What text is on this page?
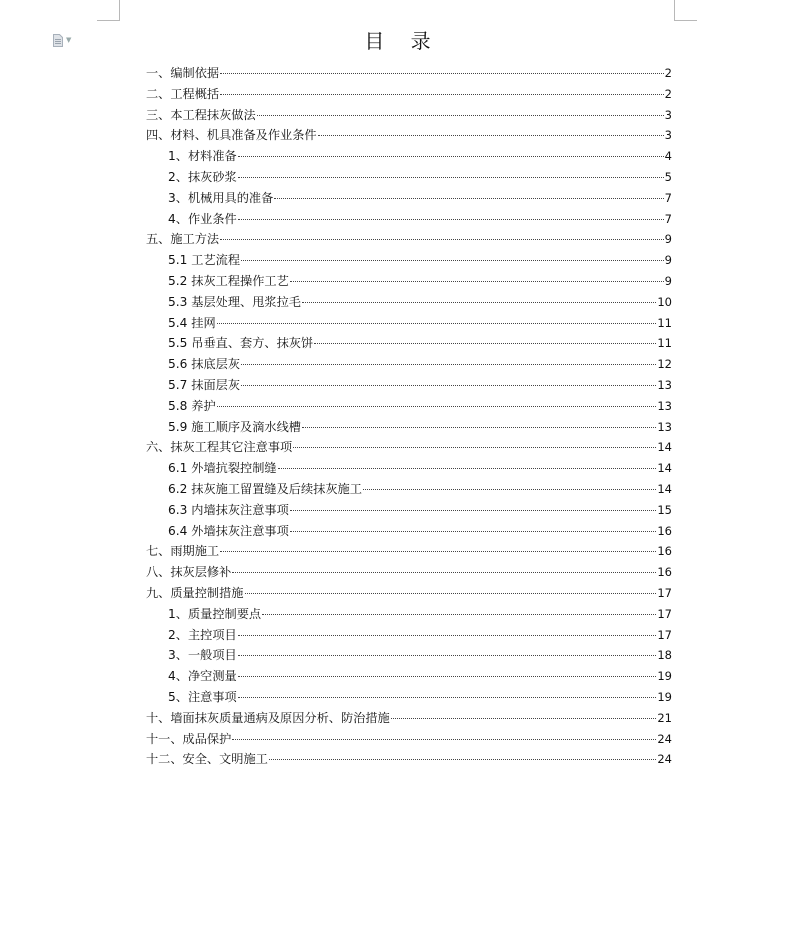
▼	目 录
一、编制依据	2
二、工程概括	2
三、本工程抹灰做法	3
四、材料、机具准备及作业条件	3
1、材料准备	4
2、抹灰砂浆	5
3、机械用具的准备	7
4、作业条件	7
五、施工方法	9
5.1 工艺流程	9
5.2 抹灰工程操作工艺	9
5.3 基层处理、甩浆拉毛	10
5.4 挂网	11
5.5 吊垂直、套方、抹灰饼	11
5.6 抹底层灰	12
5.7 抹面层灰	13
5.8 养护	13
5.9 施工顺序及滴水线槽	13
六、抹灰工程其它注意事项	14
6.1 外墙抗裂控制缝	14
6.2 抹灰施工留置缝及后续抹灰施工	14
6.3 内墙抹灰注意事项	15
6.4 外墙抹灰注意事项	16
七、雨期施工	16
八、抹灰层修补	16
九、质量控制措施	17
1、质量控制要点	17
2、主控项目	17
3、一般项目	18
4、净空测量	19
5、注意事项	19
十、墙面抹灰质量通病及原因分析、防治措施	21
十一、成品保护	24
十二、安全、文明施工	24
